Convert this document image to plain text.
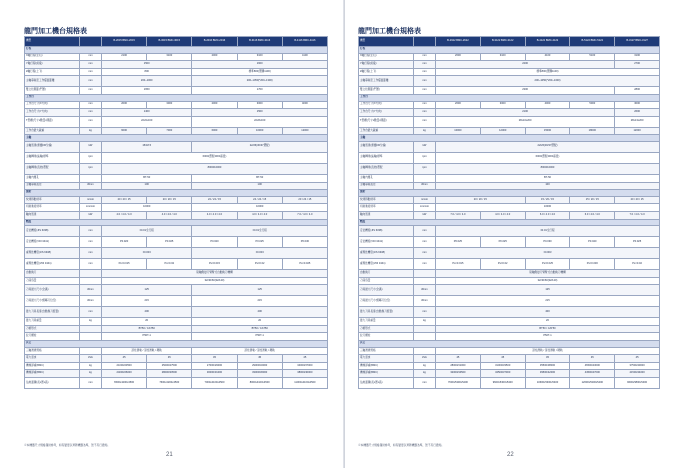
龍門加工機台規格表
機型		B-2015 BMC-2015	B-3015 BMC-3015	B-2016 BMC-2016	B-3116 BMC-3116	B-4116 BMC-4116
行程						
X軸行程(左右)	mm	2100	3100	2000	3100	4100
Y軸行程(前後)	mm	1500		1600		
Z軸行程(上下)	mm	800		標準800(選購1100)		
主軸鼻端至工作檯面距離	mm	200~1000		200~1050(*200~1300)		
雙立柱間距(門寬)	mm	1650		1700		
工作台						
工作台尺寸(X方向)	mm	2000	3000	2000	3000	4000
工作台尺寸(Y方向)	mm	1400		1500		
T型槽(尺寸x數量x間距)	mm	22x6x160		22x8x160		
工作台最大載重	kg	6000	7000	6000	10000	12000
主軸						
主軸馬達(連續/30分鐘)	kW	15/18.5		22/26(30/37選配)		
主軸轉速(齒輪)標準	rpm	6000(選配4000高扭)				
主軸轉速(直結)選配	rpm	8000/10000				
主軸内錐孔		BT-50		BT-50		
主軸鼻端直徑	Ømm	100		100		
進給						
快速移動速率	m/min	20 / 20 / 15	20 / 20 / 15	24 / 24 / 15	24 / 24 / 15	20 / 24 / 15
切削進給速率	mm/min	10000		10000		
軸向馬達	kW	4.0 / 4.0 / 4.0	4.0 / 4.0 / 4.0	4.0 / 4.0 / 4.0	4.0 / 4.0 / 4.0	7.0 / 4.0 / 4.0
精度						
定位精度(JIS 6338)	mm	±0.01全行程		±0.01全行程		
定位精度(VDI 3441)	mm	P0.020	P0.025	P0.020	P0.025	P0.030
重現性精度(JIS 6338)	mm	±0.003		±0.003		
重現性精度(VDI 3441)	mm	Ps=0.015	Ps=0.02	Ps=0.015	Ps=0.02	Ps=0.025
自動換刀		臥軸側掛刀臂臂式自動換刀機構				
刀庫容量		32/40/60(32/120)				
刀具最大尺寸(全滿)	Ømm	125		125		
刀具最大尺寸(相鄰刀位空)	Ømm	215		215		
最大刀具長度(自動換刀裝置)	mm	400		400		
最大刀具重量	kg	20		20		
刀柄形式		BT50 / CAT50		BT50 / CAT50		
拉刀螺栓		P50T-1		P50T-1		
其它						
三軸滑道規格		滾柱滑軌 / 滾柱滑軌 / 硬軌		滾柱滑軌 / 滾柱滑軌 / 硬軌		
電力需求	kVA	45	45	45	45	45
機械淨重(BMC)	kg	21000/23500	25000/27500	27000/29000	29000/32000	34000/37000
機械淨重(BMC)	kg	24000/26000	28000/30500	30000/31000	33000/36000	38000/40000
佔地面積(長x寬x高)	mm	6500x4200x4500	7600x4200x4500	7000x4100x4500	8000x4100x4500	11000x4100x4500
※本機器尺寸規格僅供參考，如有變更以實際機器為準，恕不另行通知。
21
龍門加工機台規格表
機型		B-2622 BMC-2622	B-3122 BMC-3122	B-4122 BMC-4122	B-5122 BMC-5122	B-3127 BMC-3127
行程						
X軸行程(左右)	mm	2600	3100	4100	5100	3100
Y軸行程(前後)	mm	2200				2700
Z軸行程(上下)	mm	標準800(選購1100)				
主軸鼻端至工作檯面距離	mm	200~1050(*200~1300)				
雙立柱間距(門寬)	mm	2300				2800
工作台						
工作台尺寸(X方向)	mm	2600	3000	4000	5000	3000
工作台尺寸(Y方向)	mm	2100				2600
T型槽(尺寸x數量x間距)	mm	28x10x200				28x13x200
工作台最大載重	kg	10000	12000	15000	18000	12000
主軸						
主軸馬達(連續/30分鐘)	kW	22/26(30/37選配)				
主軸轉速(齒輪)標準	rpm	6000(選配4000高扭)				
主軸轉速(直結)選配	rpm	8000/10000				
主軸内錐孔		BT-50				
主軸鼻端直徑	Ømm	100				
進給						
快速移動速率	m/min	20 / 20 / 15		15 / 20 / 15	15 / 20 / 15	20 / 20 / 15
切削進給速率	mm/min	10000				
軸向馬達	kW	7.0 / 4.0 / 4.0	4.0 / 4.0 / 4.0	6.0 / 4.0 / 4.0	6.0 / 4.0 / 4.0	7.0 / 4.0 / 4.0
精度						
定位精度(JIS 6338)	mm	±0.01全行程				
定位精度(VDI 3441)	mm	P0.025	P0.025	P0.030	P0.040	P0.025
重現性精度(JIS 6338)	mm	±0.003				
重現性精度(VDI 3441)	mm	Ps=0.015	Ps=0.02	Ps=0.025	Ps=0.030	Ps=0.02
自動換刀		臥軸側掛刀臂臂式自動換刀機構				
刀庫容量		32/40/60(32/120)				
刀具最大尺寸(全滿)	Ømm	125				
刀具最大尺寸(相鄰刀位空)	Ømm	215				
最大刀具長度(自動換刀裝置)	mm	400				
最大刀具重量	kg	20				
刀柄形式		BT50 / CAT50				
拉刀螺栓		P50T-1				
其它						
三軸滑道規格		滾柱滑軌 / 滾柱滑軌 / 硬軌				
電力需求	kVA	45	45	45	45	45
機械淨重(BMC)	kg	28000/31000	31000/33500	35500/38000	46500/43000	37500/40000
機械淨重(BMC)	kg	32000/34500	34500/37000	39500/42000	44500/47000	41500/44000
佔地面積(長x寬x高)	mm	7600x5300x5400	9600x5300x5400	10600x5300x5400	12600x5300x5400	9600x5800x5400
※本機器尺寸規格僅供參考，如有變更以實際機器為準，恕不另行通知。
22
